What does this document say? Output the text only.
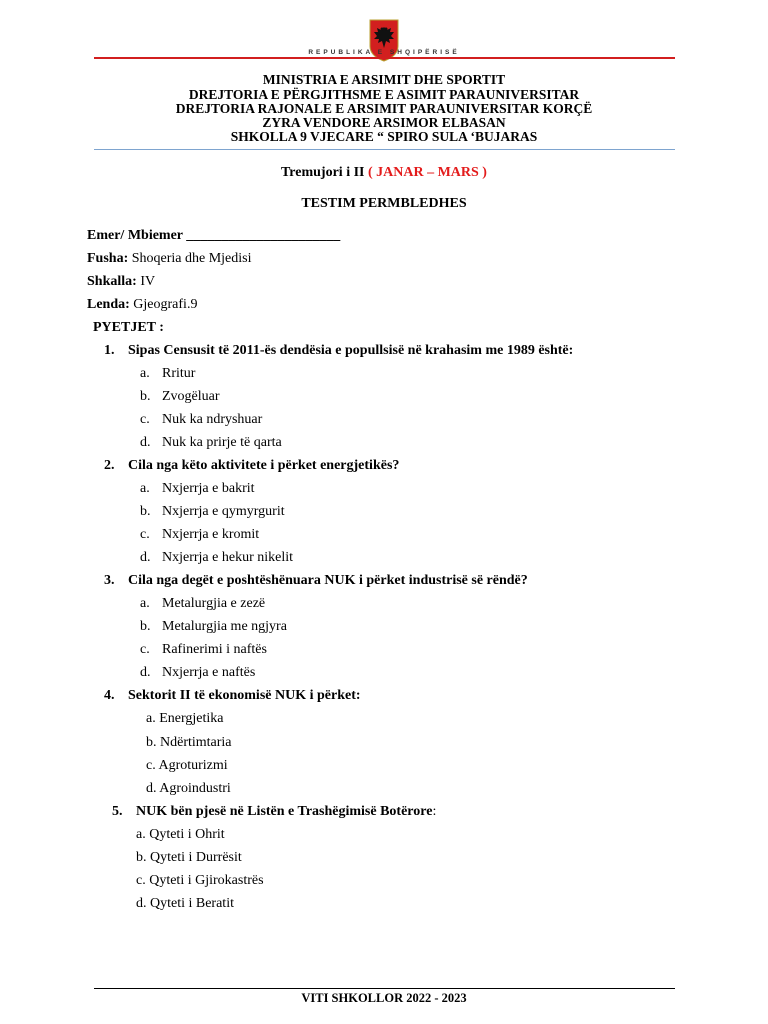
REPUBLIKA E SHQIPËRISË
MINISTRIA E ARSIMIT DHE SPORTIT
DREJTORIA E PËRGJITHSME E ASIMIT PARAUNIVERSITAR
DREJTORIA RAJONALE E ARSIMIT PARAUNIVERSITAR KORÇË
ZYRA VENDORE ARSIMOR ELBASAN
SHKOLLA 9 VJECARE “ SPIRO SULA ‘BUJARAS
Tremujori i II ( JANAR – MARS )
TESTIM PERMBLEDHES
Emer/ Mbiemer ______________________
Fusha: Shoqeria dhe Mjedisi
Shkalla: IV
Lenda: Gjeografi.9
PYETJET :
1. Sipas Censusit të 2011-ës dendësia e popullsisë në krahasim me 1989 është:
a. Rritur
b. Zvogëluar
c. Nuk ka ndryshuar
d. Nuk ka prirje të qarta
2. Cila nga këto aktivitete i përket energjetikës?
a. Nxjerrja e bakrit
b. Nxjerrja e qymyrgurit
c. Nxjerrja e kromit
d. Nxjerrja e hekur nikelit
3. Cila nga degët e poshtëshënuara NUK i përket industrisë së rëndë?
a. Metalurgjia e zezë
b. Metalurgjia me ngjyra
c. Rafinerimi i naftës
d. Nxjerrja e naftës
4. Sektorit II të ekonomisë NUK i përket:
a. Energjetika
b. Ndërtimtaria
c. Agroturizmi
d. Agroindustri
5. NUK bën pjesë në Listën e Trashëgimisë Botërore:
a. Qyteti i Ohrit
b. Qyteti i Durrësit
c. Qyteti i Gjirokastrës
d. Qyteti i Beratit
VITI SHKOLLOR 2022 - 2023
